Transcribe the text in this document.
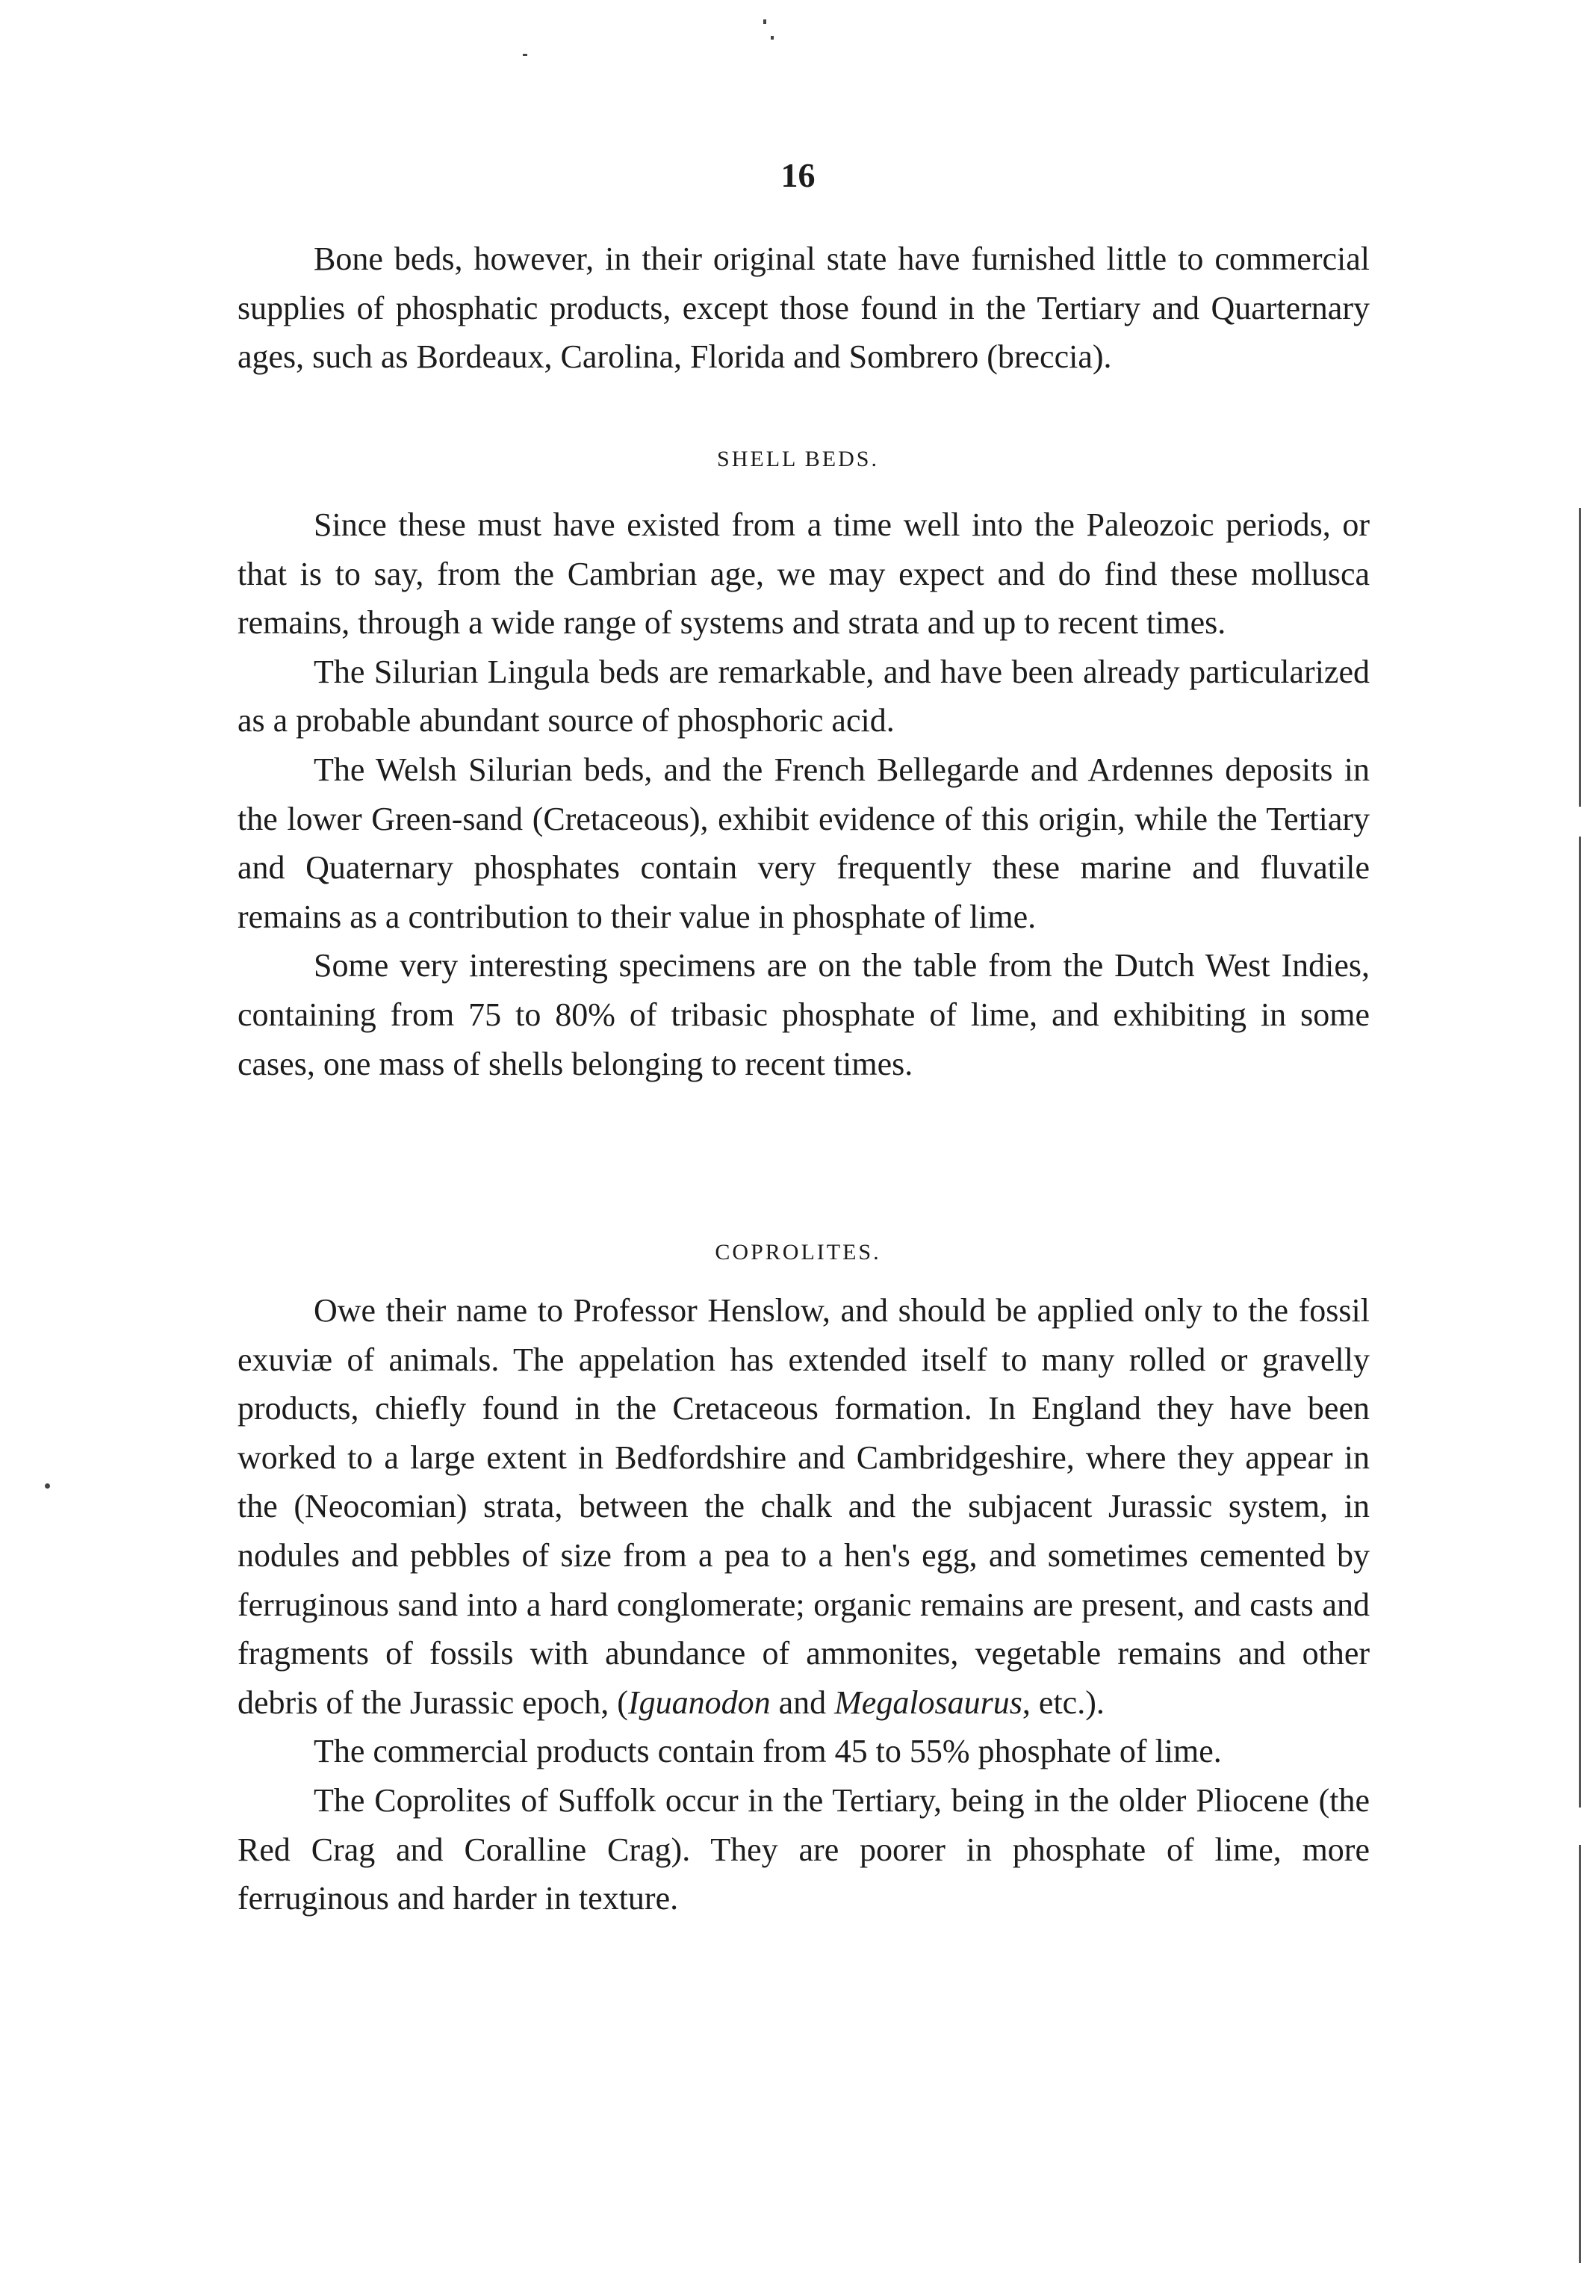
16

Bone beds, however, in their original state have furnished little to commercial supplies of phosphatic products, except those found in the Tertiary and Quarternary ages, such as Bordeaux, Carolina, Florida and Sombrero (breccia).

SHELL BEDS.

Since these must have existed from a time well into the Paleozoic periods, or that is to say, from the Cambrian age, we may expect and do find these mollusca remains, through a wide range of systems and strata and up to recent times.

The Silurian Lingula beds are remarkable, and have been already particularized as a probable abundant source of phosphoric acid.

The Welsh Silurian beds, and the French Bellegarde and Ardennes deposits in the lower Green-sand (Cretaceous), exhibit evidence of this origin, while the Tertiary and Quaternary phosphates contain very frequently these marine and fluvatile remains as a contribution to their value in phosphate of lime.

Some very interesting specimens are on the table from the Dutch West Indies, containing from 75 to 80% of tribasic phosphate of lime, and exhibiting in some cases, one mass of shells belonging to recent times.

COPROLITES.

Owe their name to Professor Henslow, and should be applied only to the fossil exuviæ of animals. The appelation has extended itself to many rolled or gravelly products, chiefly found in the Cretaceous formation. In England they have been worked to a large extent in Bedfordshire and Cambridgeshire, where they appear in the (Neocomian) strata, between the chalk and the subjacent Jurassic system, in nodules and pebbles of size from a pea to a hen's egg, and sometimes cemented by ferruginous sand into a hard conglomerate; organic remains are present, and casts and fragments of fossils with abundance of ammonites, vegetable remains and other debris of the Jurassic epoch, (Iguanodon and Megalosaurus, etc.).

The commercial products contain from 45 to 55% phosphate of lime.

The Coprolites of Suffolk occur in the Tertiary, being in the older Pliocene (the Red Crag and Coralline Crag). They are poorer in phosphate of lime, more ferruginous and harder in texture.
